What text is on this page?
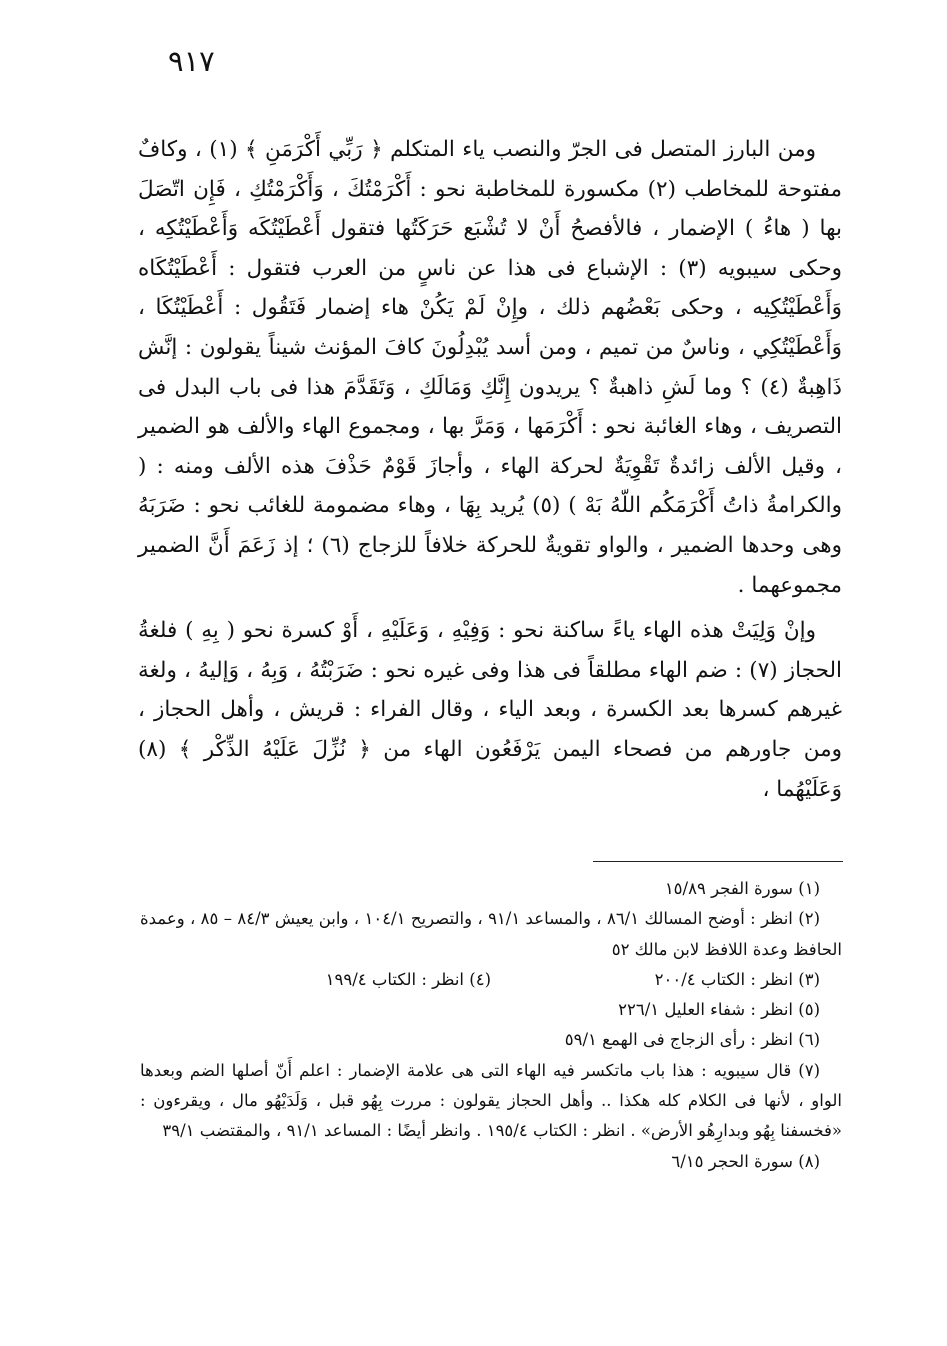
٩١٧

ومن البارز المتصل فى الجرّ والنصب ياء المتكلم ﴿ رَبِّي أَكْرَمَنِ ﴾ (١) ، وكافٌ مفتوحة للمخاطب (٢) مكسورة للمخاطبة نحو : أَكْرَمْتُكَ ، وَأَكْرَمْتُكِ ، فَإِن اتّصَلَ بها ( هاءُ ) الإضمار ، فالأفصحُ أَنْ لا تُشْبَع حَرَكَتُها فتقول أَعْطَيْتُكَه وَأَعْطَيْتُكِه ، وحكى سيبويه (٣) : الإشباع فى هذا عن ناسٍ من العرب فتقول : أَعْطَيْتُكَاه وَأَعْطَيْتُكِيه ، وحكى بَعْضُهم ذلك ، وإِنْ لَمْ يَكُنْ هاء إضمار فَتَقُول : أَعْطَيْتُكَا ، وَأَعْطَيْتُكِي ، وناسٌ من تميم ، ومن أسد يُبْدِلُونَ كافَ المؤنث شيناً يقولون : إنَّش ذَاهِبةٌ (٤) ؟ وما لَشِ ذاهبةٌ ؟ يريدون إِنَّكِ وَمَالَكِ ، وَتَقَدَّمَ هذا فى باب البدل فى التصريف ، وهاء الغائبة نحو : أَكْرَمَها ، وَمَرَّ بها ، ومجموع الهاء والألف هو الضمير ، وقيل الألف زائدةٌ تَقْوِيَةٌ لحركة الهاء ، وأجازَ قَوْمٌ حَذْفَ هذه الألف ومنه : ( والكرامةُ ذاتُ أَكْرَمَكُم اللّهُ بَهْ ) (٥) يُريد بِهَا ، وهاء مضمومة للغائب نحو : ضَرَبَهُ وهى وحدها الضمير ، والواو تقويةٌ للحركة خلافاً للزجاج (٦) ؛ إذ زَعَمَ أَنَّ الضمير مجموعهما .

وإنْ وَلِيَتْ هذه الهاء ياءً ساكنة نحو : وَفِيْهِ ، وَعَلَيْهِ ، أَوْ كسرة نحو ( بِهِ ) فلغةُ الحجاز (٧) : ضم الهاء مطلقاً فى هذا وفى غيره نحو : ضَرَبْتُهُ ، وَبِهُ ، وَإليهُ ، ولغة غيرهم كسرها بعد الكسرة ، وبعد الياء ، وقال الفراء : قريش ، وأهل الحجاز ، ومن جاورهم من فصحاء اليمن يَرْفَعُون الهاء من ﴿ نُزِّلَ عَلَيْهُ الذِّكْر ﴾ (٨) وَعَلَيْهُما ،

(١) سورة الفجر ١٥/٨٩

(٢) انظر : أوضح المسالك ٨٦/١ ، والمساعد ٩١/١ ، والتصريح ١٠٤/١ ، وابن يعيش ٨٤/٣ – ٨٥ ، وعمدة الحافظ وعدة اللافظ لابن مالك ٥٢

(٣) انظر : الكتاب ٢٠٠/٤

(٤) انظر : الكتاب ١٩٩/٤

(٥) انظر : شفاء العليل ٢٢٦/١

(٦) انظر : رأى الزجاج فى الهمع ٥٩/١

(٧) قال سيبويه : هذا باب ماتكسر فيه الهاء التى هى علامة الإضمار : اعلم أَنّ أصلها الضم وبعدها الواو ، لأنها فى الكلام كله هكذا .. وأهل الحجاز يقولون : مررت بِهُو قبل ، وَلَدَيْهُو مال ، ويقرءون : «فخسفنا بِهُو وبدارِهُو الأرض» . انظر : الكتاب ١٩٥/٤ . وانظر أيضًا : المساعد ٩١/١ ، والمقتضب ٣٩/١

(٨) سورة الحجر ٦/١٥
